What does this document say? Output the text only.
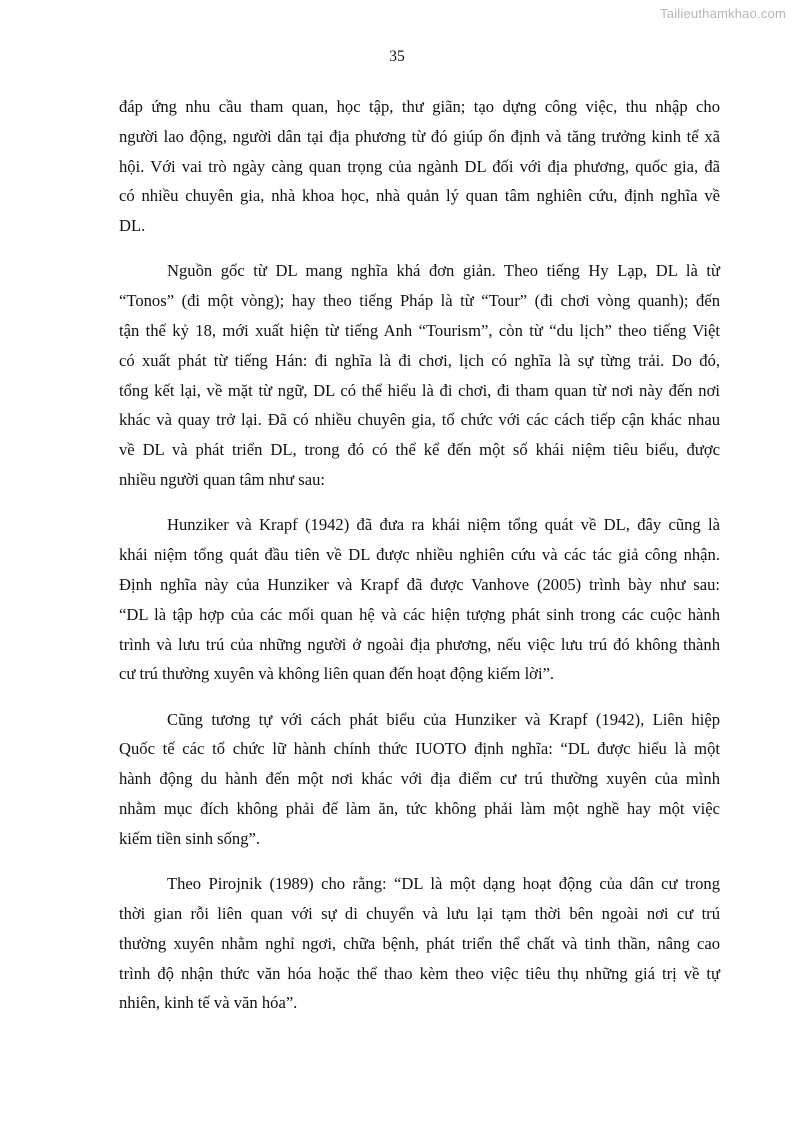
Tailieuthamkhao.com
35
đáp ứng nhu cầu tham quan, học tập, thư giãn; tạo dựng công việc, thu nhập cho
người lao động, người dân tại địa phương từ đó giúp ổn định và tăng trưởng kinh tế xã
hội. Với vai trò ngày càng quan trọng của ngành DL đối với địa phương, quốc gia, đã
có nhiều chuyên gia, nhà khoa học, nhà quản lý quan tâm nghiên cứu, định nghĩa về
DL.
Nguồn gốc từ DL mang nghĩa khá đơn giản. Theo tiếng Hy Lạp, DL là từ
“Tonos” (đi một vòng); hay theo tiếng Pháp là từ “Tour” (đi chơi vòng quanh); đến
tận thế kỷ 18, mới xuất hiện từ tiếng Anh “Tourism”, còn từ “du lịch” theo tiếng Việt
có xuất phát từ tiếng Hán: đi nghĩa là đi chơi, lịch có nghĩa là sự từng trải. Do đó,
tổng kết lại, về mặt từ ngữ, DL có thể hiểu là đi chơi, đi tham quan từ nơi này đến nơi
khác và quay trở lại. Đã có nhiều chuyên gia, tổ chức với các cách tiếp cận khác nhau
về DL và phát triển DL, trong đó có thể kể đến một số khái niệm tiêu biểu, được
nhiều người quan tâm như sau:
Hunziker và Krapf (1942) đã đưa ra khái niệm tổng quát về DL, đây cũng là
khái niệm tổng quát đầu tiên về DL được nhiều nghiên cứu và các tác giả công nhận.
Định nghĩa này của Hunziker và Krapf đã được Vanhove (2005) trình bày như sau:
“DL là tập hợp của các mối quan hệ và các hiện tượng phát sinh trong các cuộc hành
trình và lưu trú của những người ở ngoài địa phương, nếu việc lưu trú đó không thành
cư trú thường xuyên và không liên quan đến hoạt động kiếm lời”.
Cũng tương tự với cách phát biểu của Hunziker và Krapf (1942), Liên hiệp
Quốc tế các tổ chức lữ hành chính thức IUOTO định nghĩa: “DL được hiểu là một
hành động du hành đến một nơi khác với địa điểm cư trú thường xuyên của mình
nhằm mục đích không phải để làm ăn, tức không phải làm một nghề hay một việc
kiếm tiền sinh sống”.
Theo Pirojnik (1989) cho rằng: “DL là một dạng hoạt động của dân cư trong
thời gian rỗi liên quan với sự di chuyển và lưu lại tạm thời bên ngoài nơi cư trú
thường xuyên nhằm nghỉ ngơi, chữa bệnh, phát triển thể chất và tinh thần, nâng cao
trình độ nhận thức văn hóa hoặc thể thao kèm theo việc tiêu thụ những giá trị về tự
nhiên, kinh tế và văn hóa”.
